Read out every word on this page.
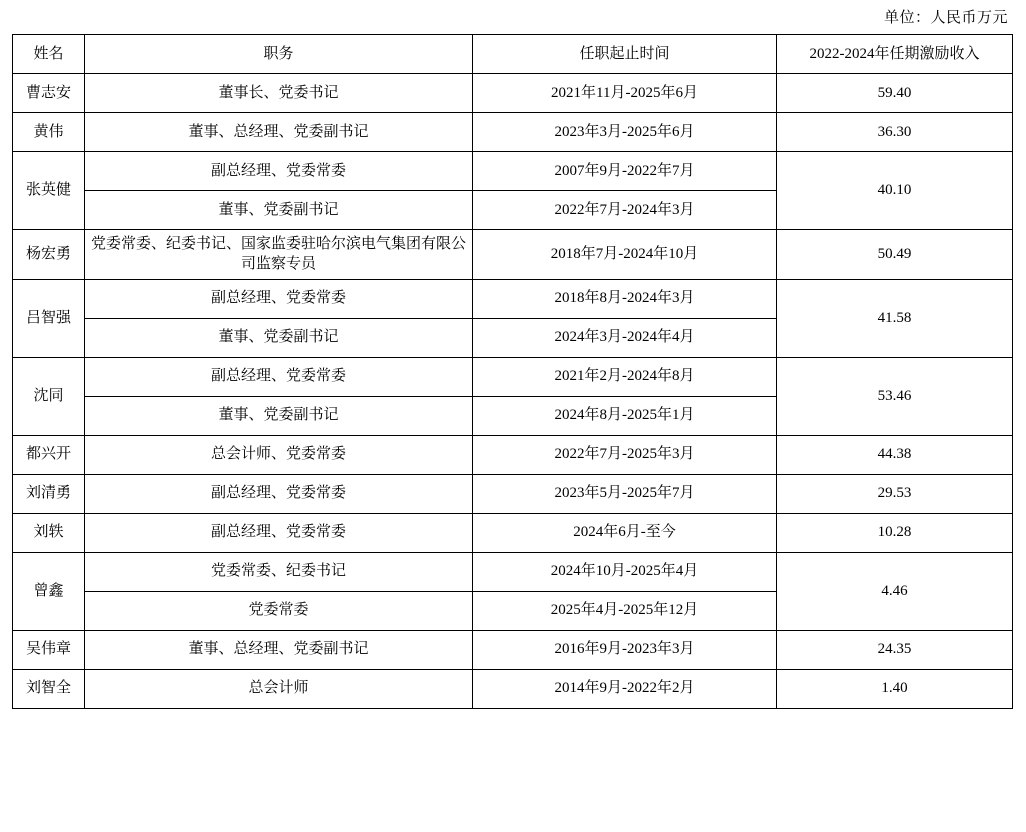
单位：人民币万元
姓名	职务	任职起止时间	2022-2024年任期激励收入
曹志安	董事长、党委书记	2021年11月-2025年6月	59.40
黄伟	董事、总经理、党委副书记	2023年3月-2025年6月	36.30
张英健	副总经理、党委常委	2007年9月-2022年7月	40.10
	董事、党委副书记	2022年7月-2024年3月	
杨宏勇	党委常委、纪委书记、国家监委驻哈尔滨电气集团有限公司监察专员	2018年7月-2024年10月	50.49
吕智强	副总经理、党委常委	2018年8月-2024年3月	41.58
	董事、党委副书记	2024年3月-2024年4月	
沈同	副总经理、党委常委	2021年2月-2024年8月	53.46
	董事、党委副书记	2024年8月-2025年1月	
都兴开	总会计师、党委常委	2022年7月-2025年3月	44.38
刘清勇	副总经理、党委常委	2023年5月-2025年7月	29.53
刘轶	副总经理、党委常委	2024年6月-至今	10.28
曾鑫	党委常委、纪委书记	2024年10月-2025年4月	4.46
	党委常委	2025年4月-2025年12月	
吴伟章	董事、总经理、党委副书记	2016年9月-2023年3月	24.35
刘智全	总会计师	2014年9月-2022年2月	1.40
